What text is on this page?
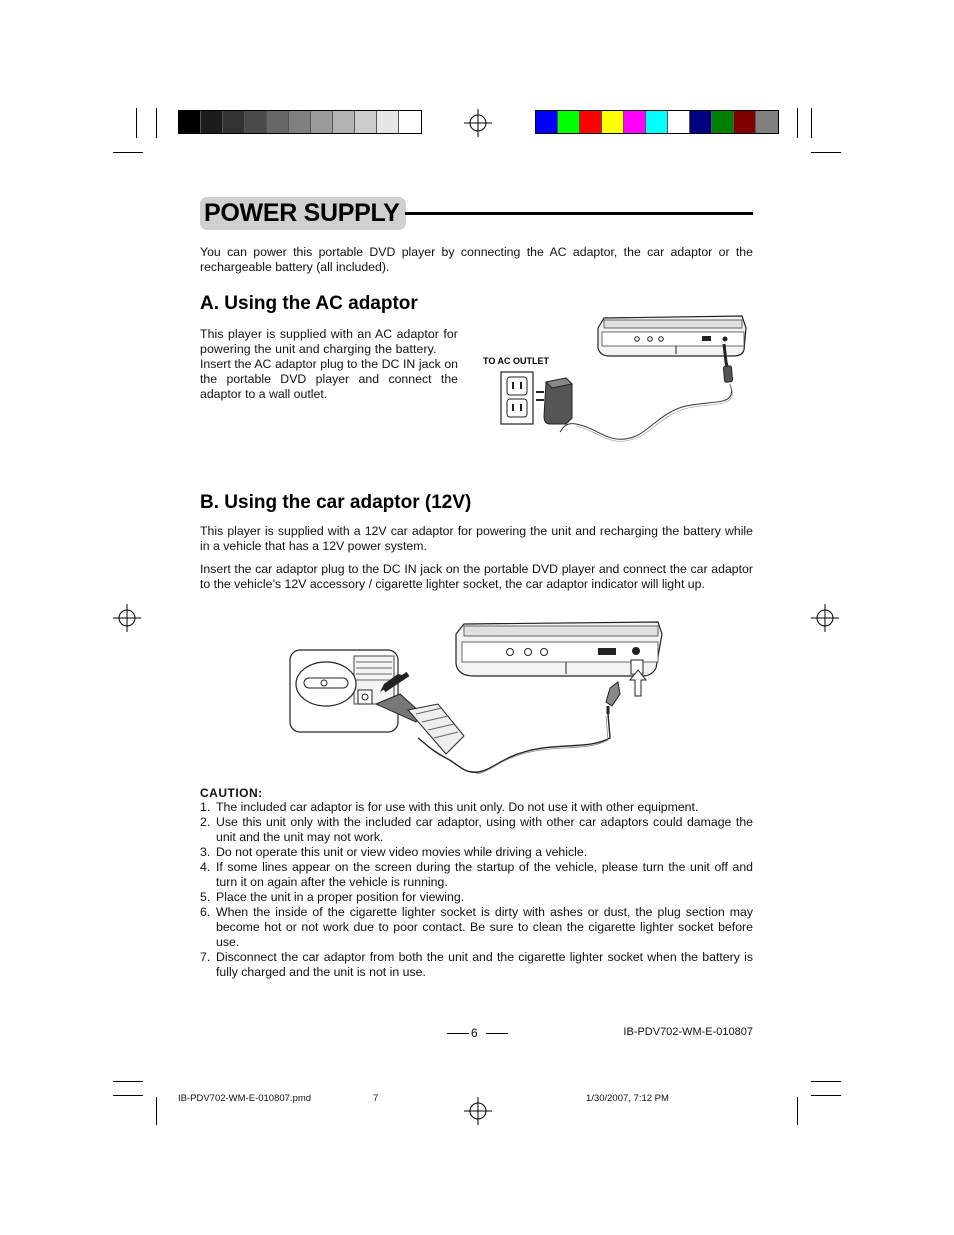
POWER SUPPLY

You can power this portable DVD player by connecting the AC adaptor, the car adaptor or the rechargeable battery (all included).

A. Using the AC adaptor

This player is supplied with an AC adaptor for powering the unit and charging the battery.

Insert the AC adaptor plug to the DC IN jack on the portable DVD player and connect the adaptor to a wall outlet.

TO AC OUTLET
B. Using the car adaptor (12V)

This player is supplied with a 12V car adaptor for powering the unit and recharging the battery while in a vehicle that has a 12V power system.

Insert the car adaptor plug to the DC IN jack on the portable DVD player and connect the car adaptor to the vehicle’s 12V accessory / cigarette lighter socket, the car adaptor indicator will light up.

CAUTION:
1. The included car adaptor is for use with this unit only. Do not use it with other equipment.
2. Use this unit only with the included car adaptor, using with other car adaptors could damage the unit and the unit may not work.
3. Do not operate this unit or view video movies while driving a vehicle.
4. If some lines appear on the screen during the startup of the vehicle, please turn the unit off and turn it on again after the vehicle is running.
5. Place the unit in a proper position for viewing.
6. When the inside of the cigarette lighter socket is dirty with ashes or dust, the plug section may become hot or not work due to poor contact. Be sure to clean the cigarette lighter socket before use.
7. Disconnect the car adaptor from both the unit and the cigarette lighter socket when the battery is fully charged and the unit is not in use.
6	IB-PDV702-WM-E-010807
IB-PDV702-WM-E-010807.pmd	7	1/30/2007, 7:12 PM
